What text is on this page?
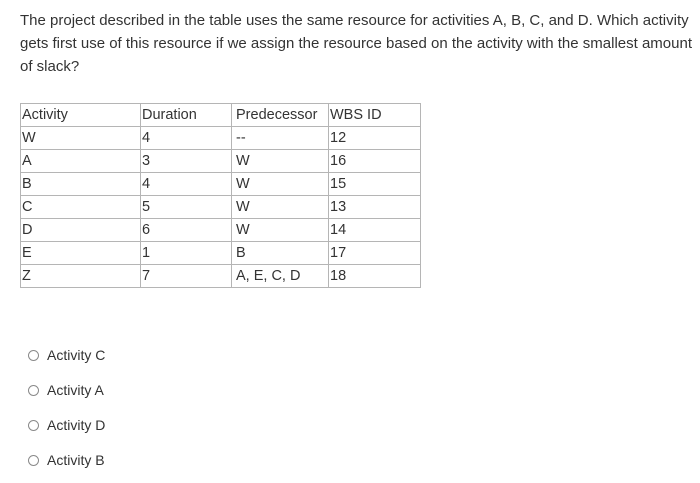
The project described in the table uses the same resource for activities A, B, C, and D. Which activity gets first use of this resource if we assign the resource based on the activity with the smallest amount of slack?

Activity	Duration	Predecessor	WBS ID
W	4	--	12
A	3	W	16
B	4	W	15
C	5	W	13
D	6	W	14
E	1	B	17
Z	7	A, E, C, D	18
Activity C
Activity A
Activity D
Activity B
